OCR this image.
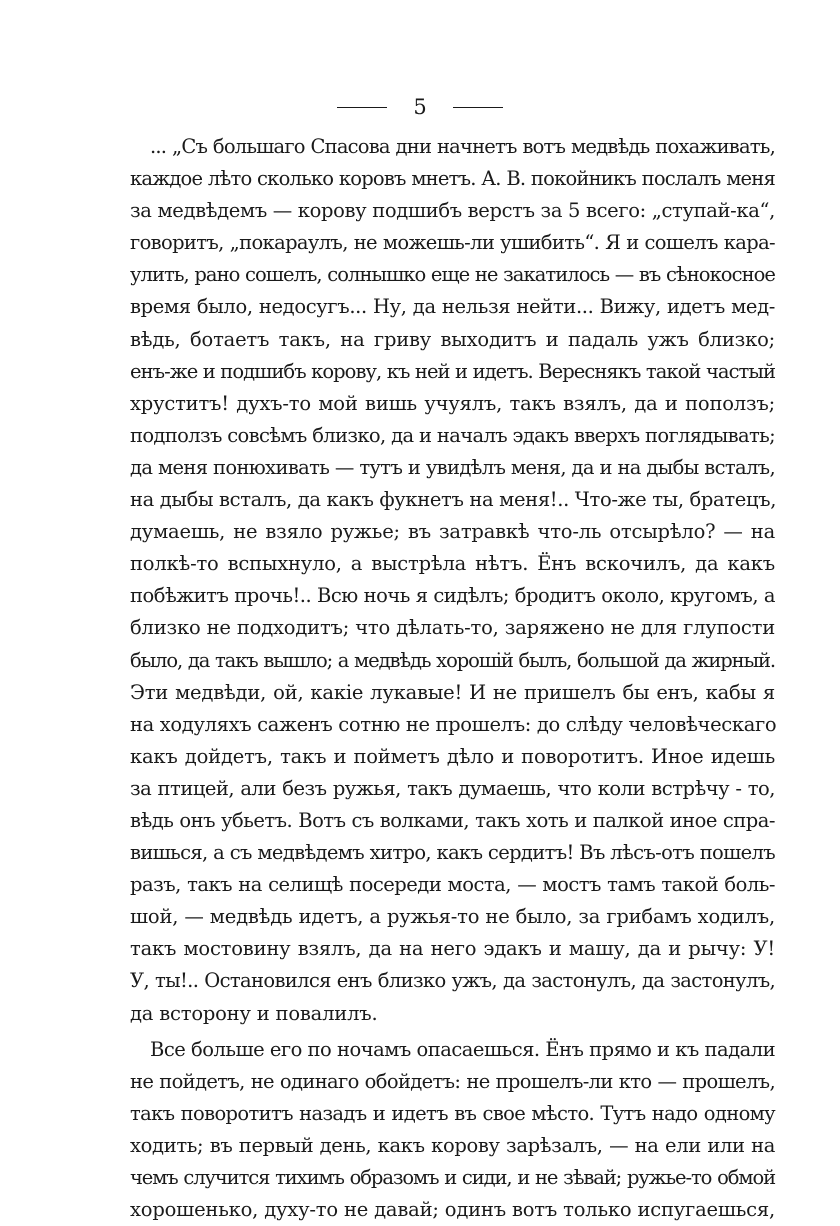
5
... „Съ большаго Спасова дни начнетъ вотъ медвѣдь похаживать,
каждое лѣто сколько коровъ мнетъ. А. В. покойникъ послалъ меня
за медвѣдемъ — корову подшибъ верстъ за 5 всего: „ступай-ка“,
говоритъ, „покараулъ, не можешь-ли ушибить“. Я и сошелъ кара-
улить, рано сошелъ, солнышко еще не закатилось — въ сѣнокосное
время было, недосугъ... Ну, да нельзя нейти... Вижу, идетъ мед-
вѣдь, ботаетъ такъ, на гриву выходитъ и падаль ужъ близко;
енъ-же и подшибъ корову, къ ней и идетъ. Вереснякъ такой частый
хруститъ! духъ-то мой вишь учуялъ, такъ взялъ, да и поползъ;
подползъ совсѣмъ близко, да и началъ эдакъ вверхъ поглядывать;
да меня понюхивать — тутъ и увидѣлъ меня, да и на дыбы всталъ,
на дыбы всталъ, да какъ фукнетъ на меня!.. Что-же ты, братецъ,
думаешь, не взяло ружье; въ затравкѣ что-ль отсырѣло? — на
полкѣ-то вспыхнуло, а выстрѣла нѣтъ. Ёнъ вскочилъ, да какъ
побѣжитъ прочь!.. Всю ночь я сидѣлъ; бродитъ около, кругомъ, а
близко не подходитъ; что дѣлать-то, заряжено не для глупости
было, да такъ вышло; а медвѣдь хорошій былъ, большой да жирный.
Эти медвѣди, ой, какіе лукавые! И не пришелъ бы енъ, кабы я
на ходуляхъ саженъ сотню не прошелъ: до слѣду человѣческаго
какъ дойдетъ, такъ и пойметъ дѣло и поворотитъ. Иное идешь
за птицей, али безъ ружья, такъ думаешь, что коли встрѣчу - то,
вѣдь онъ убьетъ. Вотъ съ волками, такъ хоть и палкой иное спра-
вишься, а съ медвѣдемъ хитро, какъ сердитъ! Въ лѣсъ-отъ пошелъ
разъ, такъ на селищѣ посереди моста, — мостъ тамъ такой боль-
шой, — медвѣдь идетъ, а ружья-то не было, за грибамъ ходилъ,
такъ мостовину взялъ, да на него эдакъ и машу, да и рычу: У!
У, ты!.. Остановился енъ близко ужъ, да застонулъ, да застонулъ,
да всторону и повалилъ.
Все больше его по ночамъ опасаешься. Ёнъ прямо и къ падали
не пойдетъ, не одинаго обойдетъ: не прошелъ-ли кто — прошелъ,
такъ поворотитъ назадъ и идетъ въ свое мѣсто. Тутъ надо одному
ходить; въ первый день, какъ корову зарѣзалъ, — на ели или на
чемъ случится тихимъ образомъ и сиди, и не зѣвай; ружье-то обмой
хорошенько, духу-то не давай; одинъ вотъ только испугаешься,
